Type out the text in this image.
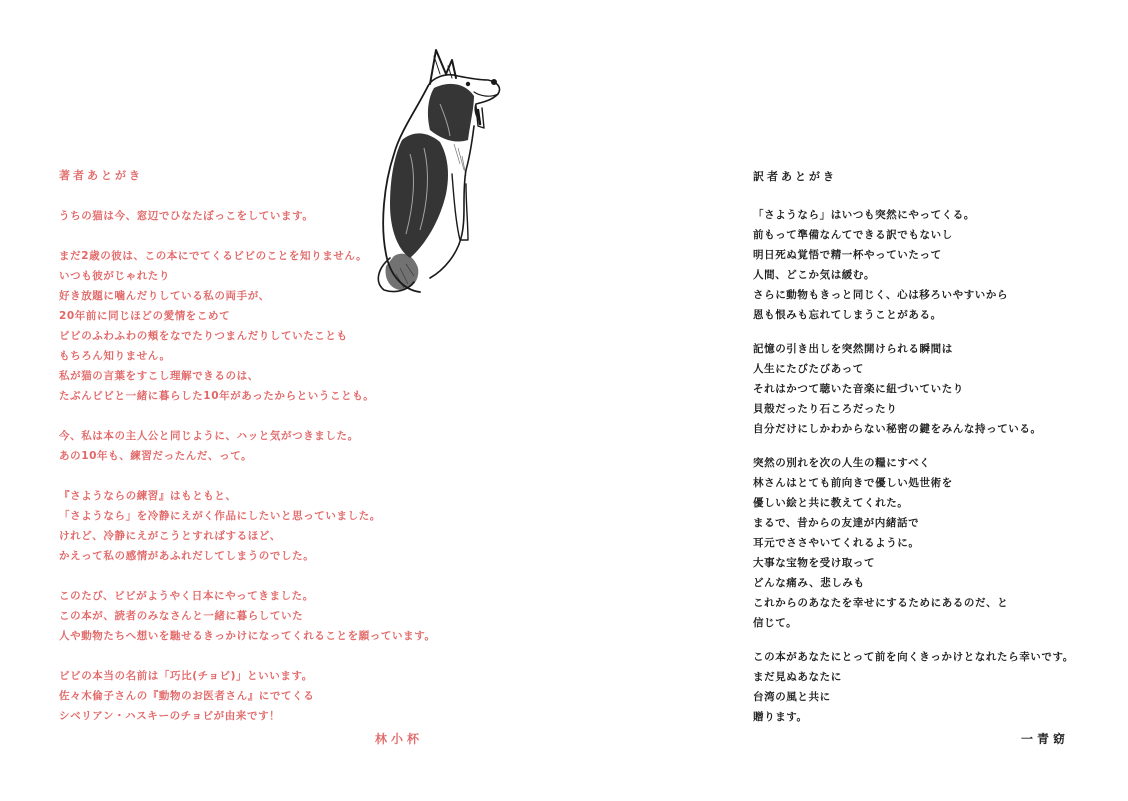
著者あとがき
うちの猫は今、窓辺でひなたぼっこをしています。
まだ2歳の彼は、この本にでてくるビビのことを知りません。
いつも彼がじゃれたり
好き放題に噛んだりしている私の両手が、
20年前に同じほどの愛情をこめて
ビビのふわふわの頬をなでたりつまんだりしていたことも
もちろん知りません。
私が猫の言葉をすこし理解できるのは、
たぶんビビと一緒に暮らした10年があったからということも。
今、私は本の主人公と同じように、ハッと気がつきました。
あの10年も、練習だったんだ、って。
『さようならの練習』はもともと、
「さようなら」を冷静にえがく作品にしたいと思っていました。
けれど、冷静にえがこうとすればするほど、
かえって私の感情があふれだしてしまうのでした。
このたび、ビビがようやく日本にやってきました。
この本が、読者のみなさんと一緒に暮らしていた
人や動物たちへ想いを馳せるきっかけになってくれることを願っています。
ビビの本当の名前は「巧比(チョビ)」といいます。
佐々木倫子さんの『動物のお医者さん』にでてくる
シベリアン・ハスキーのチョビが由来です！
林小杯
訳者あとがき
「さようなら」はいつも突然にやってくる。
前もって準備なんてできる訳でもないし
明日死ぬ覚悟で精一杯やっていたって
人間、どこか気は緩む。
さらに動物もきっと同じく、心は移ろいやすいから
恩も恨みも忘れてしまうことがある。
記憶の引き出しを突然開けられる瞬間は
人生にたびたびあって
それはかつて聴いた音楽に紐づいていたり
貝殻だったり石ころだったり
自分だけにしかわからない秘密の鍵をみんな持っている。
突然の別れを次の人生の糧にすべく
林さんはとても前向きで優しい処世術を
優しい絵と共に教えてくれた。
まるで、昔からの友達が内緒話で
耳元でささやいてくれるように。
大事な宝物を受け取って
どんな痛み、悲しみも
これからのあなたを幸せにするためにあるのだ、と
信じて。
この本があなたにとって前を向くきっかけとなれたら幸いです。
まだ見ぬあなたに
台湾の風と共に
贈ります。
一青窈
